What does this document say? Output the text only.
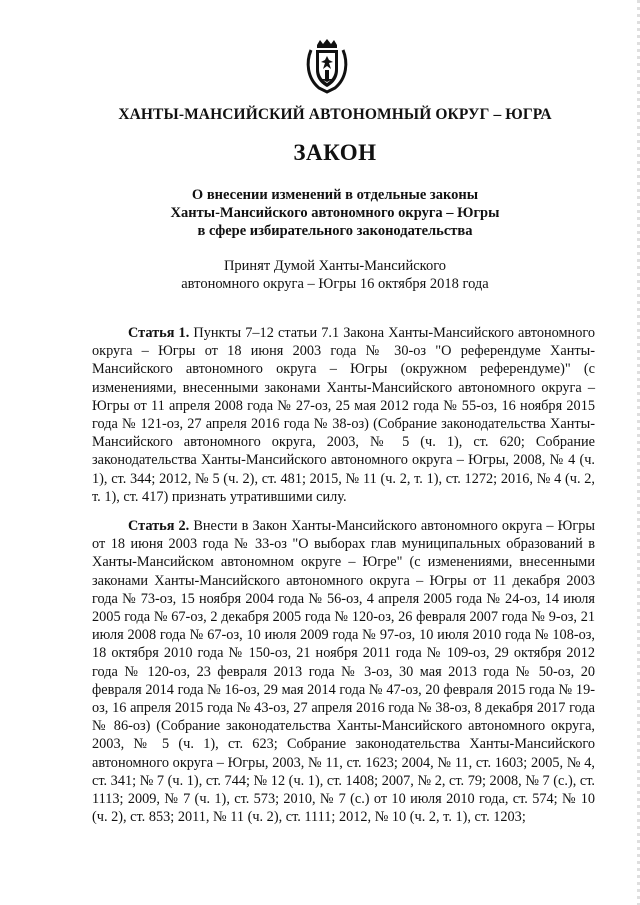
ХАНТЫ-МАНСИЙСКИЙ АВТОНОМНЫЙ ОКРУГ – ЮГРА
ЗАКОН
О внесении изменений в отдельные законы
Ханты-Мансийского автономного округа – Югры
в сфере избирательного законодательства
Принят Думой Ханты-Мансийского
автономного округа – Югры 16 октября 2018 года

Статья 1. Пункты 7–12 статьи 7.1 Закона Ханты-Мансийского автономного округа – Югры от 18 июня 2003 года № 30-оз "О референдуме Ханты-Мансийского автономного округа – Югры (окружном референдуме)" (с изменениями, внесенными законами Ханты-Мансийского автономного округа – Югры от 11 апреля 2008 года № 27-оз, 25 мая 2012 года № 55-оз, 16 ноября 2015 года № 121-оз, 27 апреля 2016 года № 38-оз) (Собрание законодательства Ханты-Мансийского автономного округа, 2003, № 5 (ч. 1), ст. 620; Собрание законодательства Ханты-Мансийского автономного округа – Югры, 2008, № 4 (ч. 1), ст. 344; 2012, № 5 (ч. 2), ст. 481; 2015, № 11 (ч. 2, т. 1), ст. 1272; 2016, № 4 (ч. 2, т. 1), ст. 417) признать утратившими силу.

Статья 2. Внести в Закон Ханты-Мансийского автономного округа – Югры от 18 июня 2003 года № 33-оз "О выборах глав муниципальных образований в Ханты-Мансийском автономном округе – Югре" (с изменениями, внесенными законами Ханты-Мансийского автономного округа – Югры от 11 декабря 2003 года № 73-оз, 15 ноября 2004 года № 56-оз, 4 апреля 2005 года № 24-оз, 14 июля 2005 года № 67-оз, 2 декабря 2005 года № 120-оз, 26 февраля 2007 года № 9-оз, 21 июля 2008 года № 67-оз, 10 июля 2009 года № 97-оз, 10 июля 2010 года № 108-оз, 18 октября 2010 года № 150-оз, 21 ноября 2011 года № 109-оз, 29 октября 2012 года № 120-оз, 23 февраля 2013 года № 3-оз, 30 мая 2013 года № 50-оз, 20 февраля 2014 года № 16-оз, 29 мая 2014 года № 47-оз, 20 февраля 2015 года № 19-оз, 16 апреля 2015 года № 43-оз, 27 апреля 2016 года № 38-оз, 8 декабря 2017 года № 86-оз) (Собрание законодательства Ханты-Мансийского автономного округа, 2003, № 5 (ч. 1), ст. 623; Собрание законодательства Ханты-Мансийского автономного округа – Югры, 2003, № 11, ст. 1623; 2004, № 11, ст. 1603; 2005, № 4, ст. 341; № 7 (ч. 1), ст. 744; № 12 (ч. 1), ст. 1408; 2007, № 2, ст. 79; 2008, № 7 (с.), ст. 1113; 2009, № 7 (ч. 1), ст. 573; 2010, № 7 (с.) от 10 июля 2010 года, ст. 574; № 10 (ч. 2), ст. 853; 2011, № 11 (ч. 2), ст. 1111; 2012, № 10 (ч. 2, т. 1), ст. 1203;
